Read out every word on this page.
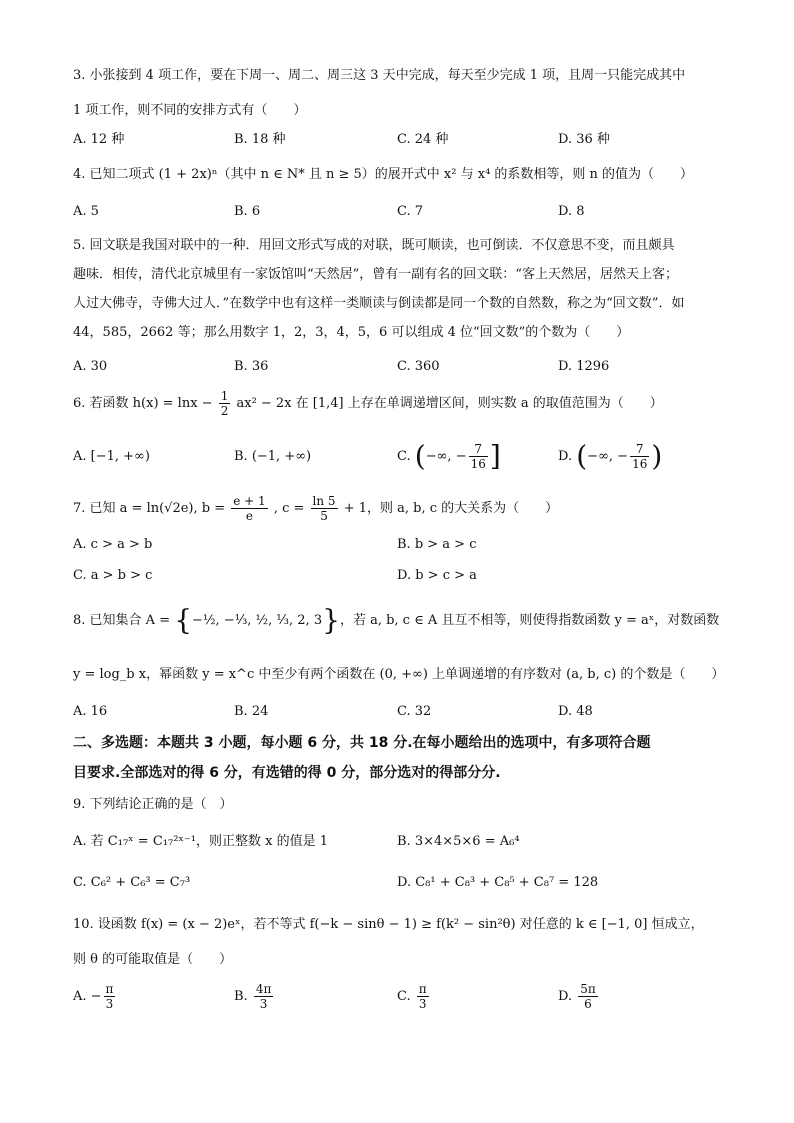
3. 小张接到 4 项工作，要在下周一、周二、周三这 3 天中完成，每天至少完成 1 项，且周一只能完成其中
1 项工作，则不同的安排方式有（　　）
A. 12 种	B. 18 种	C. 24 种	D. 36 种
4. 已知二项式 (1 + 2x)ⁿ（其中 n ∈ N* 且 n ≥ 5）的展开式中 x² 与 x⁴ 的系数相等，则 n 的值为（　　）
A. 5	B. 6	C. 7	D. 8
5. 回文联是我国对联中的一种．用回文形式写成的对联，既可顺读，也可倒读．不仅意思不变，而且颇具
趣味．相传，清代北京城里有一家饭馆叫“天然居”，曾有一副有名的回文联：“客上天然居，居然天上客；
人过大佛寺，寺佛大过人．”在数学中也有这样一类顺读与倒读都是同一个数的自然数，称之为“回文数”．如
44，585，2662 等；那么用数字 1，2，3，4，5，6 可以组成 4 位“回文数”的个数为（　　）
A. 30	B. 36	C. 360	D. 1296
6. 若函数 $h(x) = \ln x - \frac{1}{2} ax^2 - 2x$ 在 [1,4] 上存在单调递增区间，则实数 a 的取值范围为（　　）
A. [−1, +∞)	B. (−1, +∞)	C. (−∞, − $\frac{7}{16}$ ]	D. (−∞, − $\frac{7}{16}$ )
7. 已知 a = ln(√2e), $b = \frac{e + 1}{e}$ , $c = \frac{\ln 5}{5} + 1$，则 a, b, c 的大关系为（　　）
A. c > a > b	B. b > a > c
C. a > b > c	D. b > c > a
8. 已知集合 A = {−½, −⅓, ½, ⅓, 2, 3}，若 a, b, c ∈ A 且互不相等，则使得指数函数 y = aˣ，对数函数
y = log_b x，幂函数 y = x^c 中至少有两个函数在 (0, +∞) 上单调递增的有序数对 (a, b, c) 的个数是（　　）
A. 16	B. 24	C. 32	D. 48
二、多选题：本题共 3 小题，每小题 6 分，共 18 分.在每小题给出的选项中，有多项符合题
目要求.全部选对的得 6 分，有选错的得 0 分，部分选对的得部分分.
9. 下列结论正确的是（　）
A. 若 C₁₇ˣ = C₁₇²ˣ⁻¹，则正整数 x 的值是 1	B. 3×4×5×6 = A₆⁴
C. C₆² + C₆³ = C₇³	D. C₈¹ + C₈³ + C₈⁵ + C₈⁷ = 128
10. 设函数 f(x) = (x − 2)eˣ，若不等式 f(−k − sinθ − 1) ≥ f(k² − sin²θ) 对任意的 k ∈ [−1, 0] 恒成立，
则 θ 的可能取值是（　　）
A. − $\frac{\pi}{3}$	B. $\frac{4\pi}{3}$	C. $\frac{\pi}{3}$	D. $\frac{5\pi}{6}$
